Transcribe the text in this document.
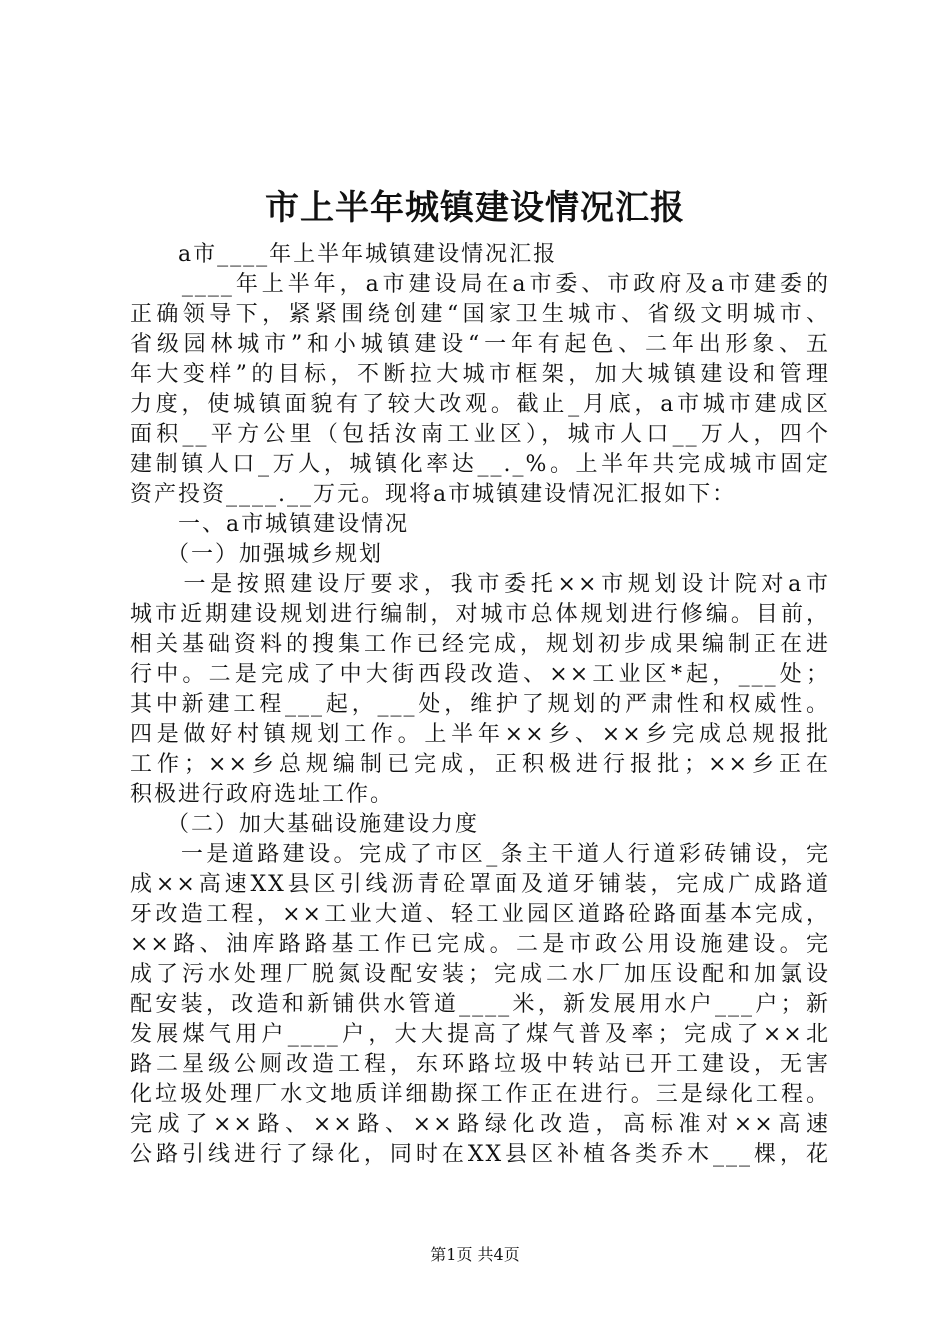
市上半年城镇建设情况汇报
　　a市____年上半年城镇建设情况汇报
　　____年上半年，a市建设局在a市委、市政府及a市建委的
正确领导下，紧紧围绕创建“国家卫生城市、省级文明城市、
省级园林城市”和小城镇建设“一年有起色、二年出形象、五
年大变样”的目标，不断拉大城市框架，加大城镇建设和管理
力度，使城镇面貌有了较大改观。截止_月底，a市城市建成区
面积__平方公里（包括汝南工业区），城市人口__万人，四个
建制镇人口_万人，城镇化率达__._%。上半年共完成城市固定
资产投资____.__万元。现将a市城镇建设情况汇报如下：
　　一、a市城镇建设情况
　　（一）加强城乡规划
　　一是按照建设厅要求，我市委托××市规划设计院对a市
城市近期建设规划进行编制，对城市总体规划进行修编。目前，
相关基础资料的搜集工作已经完成，规划初步成果编制正在进
行中。二是完成了中大街西段改造、××工业区*起，___处；
其中新建工程___起，___处，维护了规划的严肃性和权威性。
四是做好村镇规划工作。上半年××乡、××乡完成总规报批
工作；××乡总规编制已完成，正积极进行报批；××乡正在
积极进行政府选址工作。
　　（二）加大基础设施建设力度
　　一是道路建设。完成了市区_条主干道人行道彩砖铺设，完
成××高速XX县区引线沥青砼罩面及道牙铺装，完成广成路道
牙改造工程，××工业大道、轻工业园区道路砼路面基本完成，
××路、油库路路基工作已完成。二是市政公用设施建设。完
成了污水处理厂脱氮设配安装；完成二水厂加压设配和加氯设
配安装，改造和新铺供水管道____米，新发展用水户___户；新
发展煤气用户____户，大大提高了煤气普及率；完成了××北
路二星级公厕改造工程，东环路垃圾中转站已开工建设，无害
化垃圾处理厂水文地质详细勘探工作正在进行。三是绿化工程。
完成了××路、××路、××路绿化改造，高标准对××高速
公路引线进行了绿化，同时在XX县区补植各类乔木___棵，花
第1页 共4页
